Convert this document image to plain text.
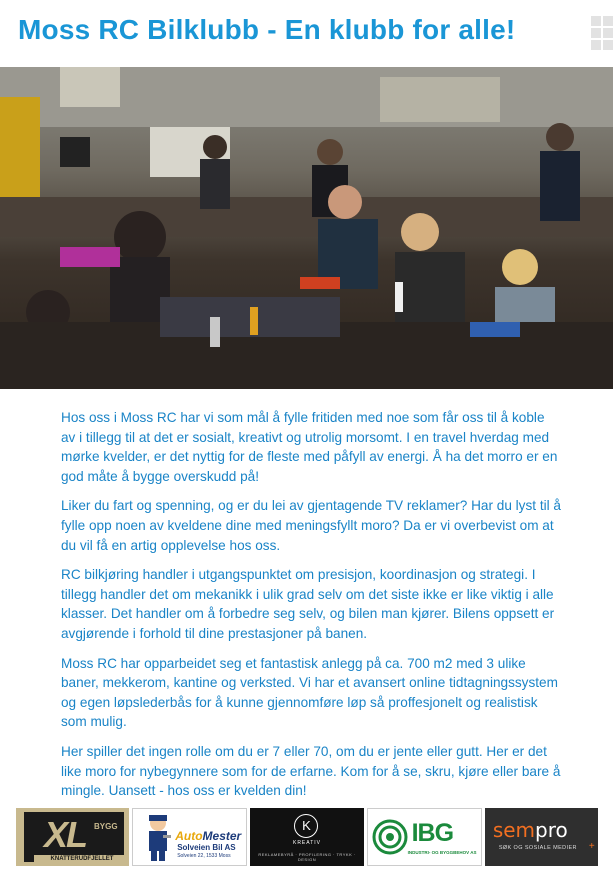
Moss RC Bilklubb - En klubb for alle!

Hos oss i Moss RC har vi som mål å fylle fritiden med noe som får oss til å koble av i tillegg til at det er sosialt, kreativt og utrolig morsomt. I en travel hverdag med mørke kvelder, er det nyttig for de fleste med påfyll av energi. Å ha det morro er en god måte å bygge overskudd på!

Liker du fart og spenning, og er du lei av gjentagende TV reklamer? Har du lyst til å fylle opp noen av kveldene dine med meningsfyllt moro? Da er vi overbevist om at du vil få en artig opplevelse hos oss.

RC bilkjøring handler i utgangspunktet om presisjon, koordinasjon og strategi. I tillegg handler det om mekanikk i ulik grad selv om det siste ikke er like viktig i alle klasser. Det handler om å forbedre seg selv, og bilen man kjører. Bilens oppsett er avgjørende i forhold til dine prestasjoner på banen.

Moss RC har opparbeidet seg et fantastisk anlegg på ca. 700 m2 med 3 ulike baner, mekkerom, kantine og verksted. Vi har et avansert online tidtagningssystem og egen løpslederbås for å kunne gjennomføre løp så proffesjonelt og realistisk som mulig.

Her spiller det ingen rolle om du er 7 eller 70, om du er jente eller gutt. Her er det like moro for nybegynnere som for de erfarne. Kom for å se, skru, kjøre eller bare å mingle. Uansett - hos oss er kvelden din!

XL BYGG
KNATTERUDFJELLET
AutoMester
Solveien Bil AS
Solveien 22, 1533 Moss
K
KREATIV
REKLAMEBYRÅ · PROFILERING · TRYKK · DESIGN
IBG
INDUSTRI- OG BYGGBEHOV AS
sempro
SØK OG SOSIALE MEDIER +
